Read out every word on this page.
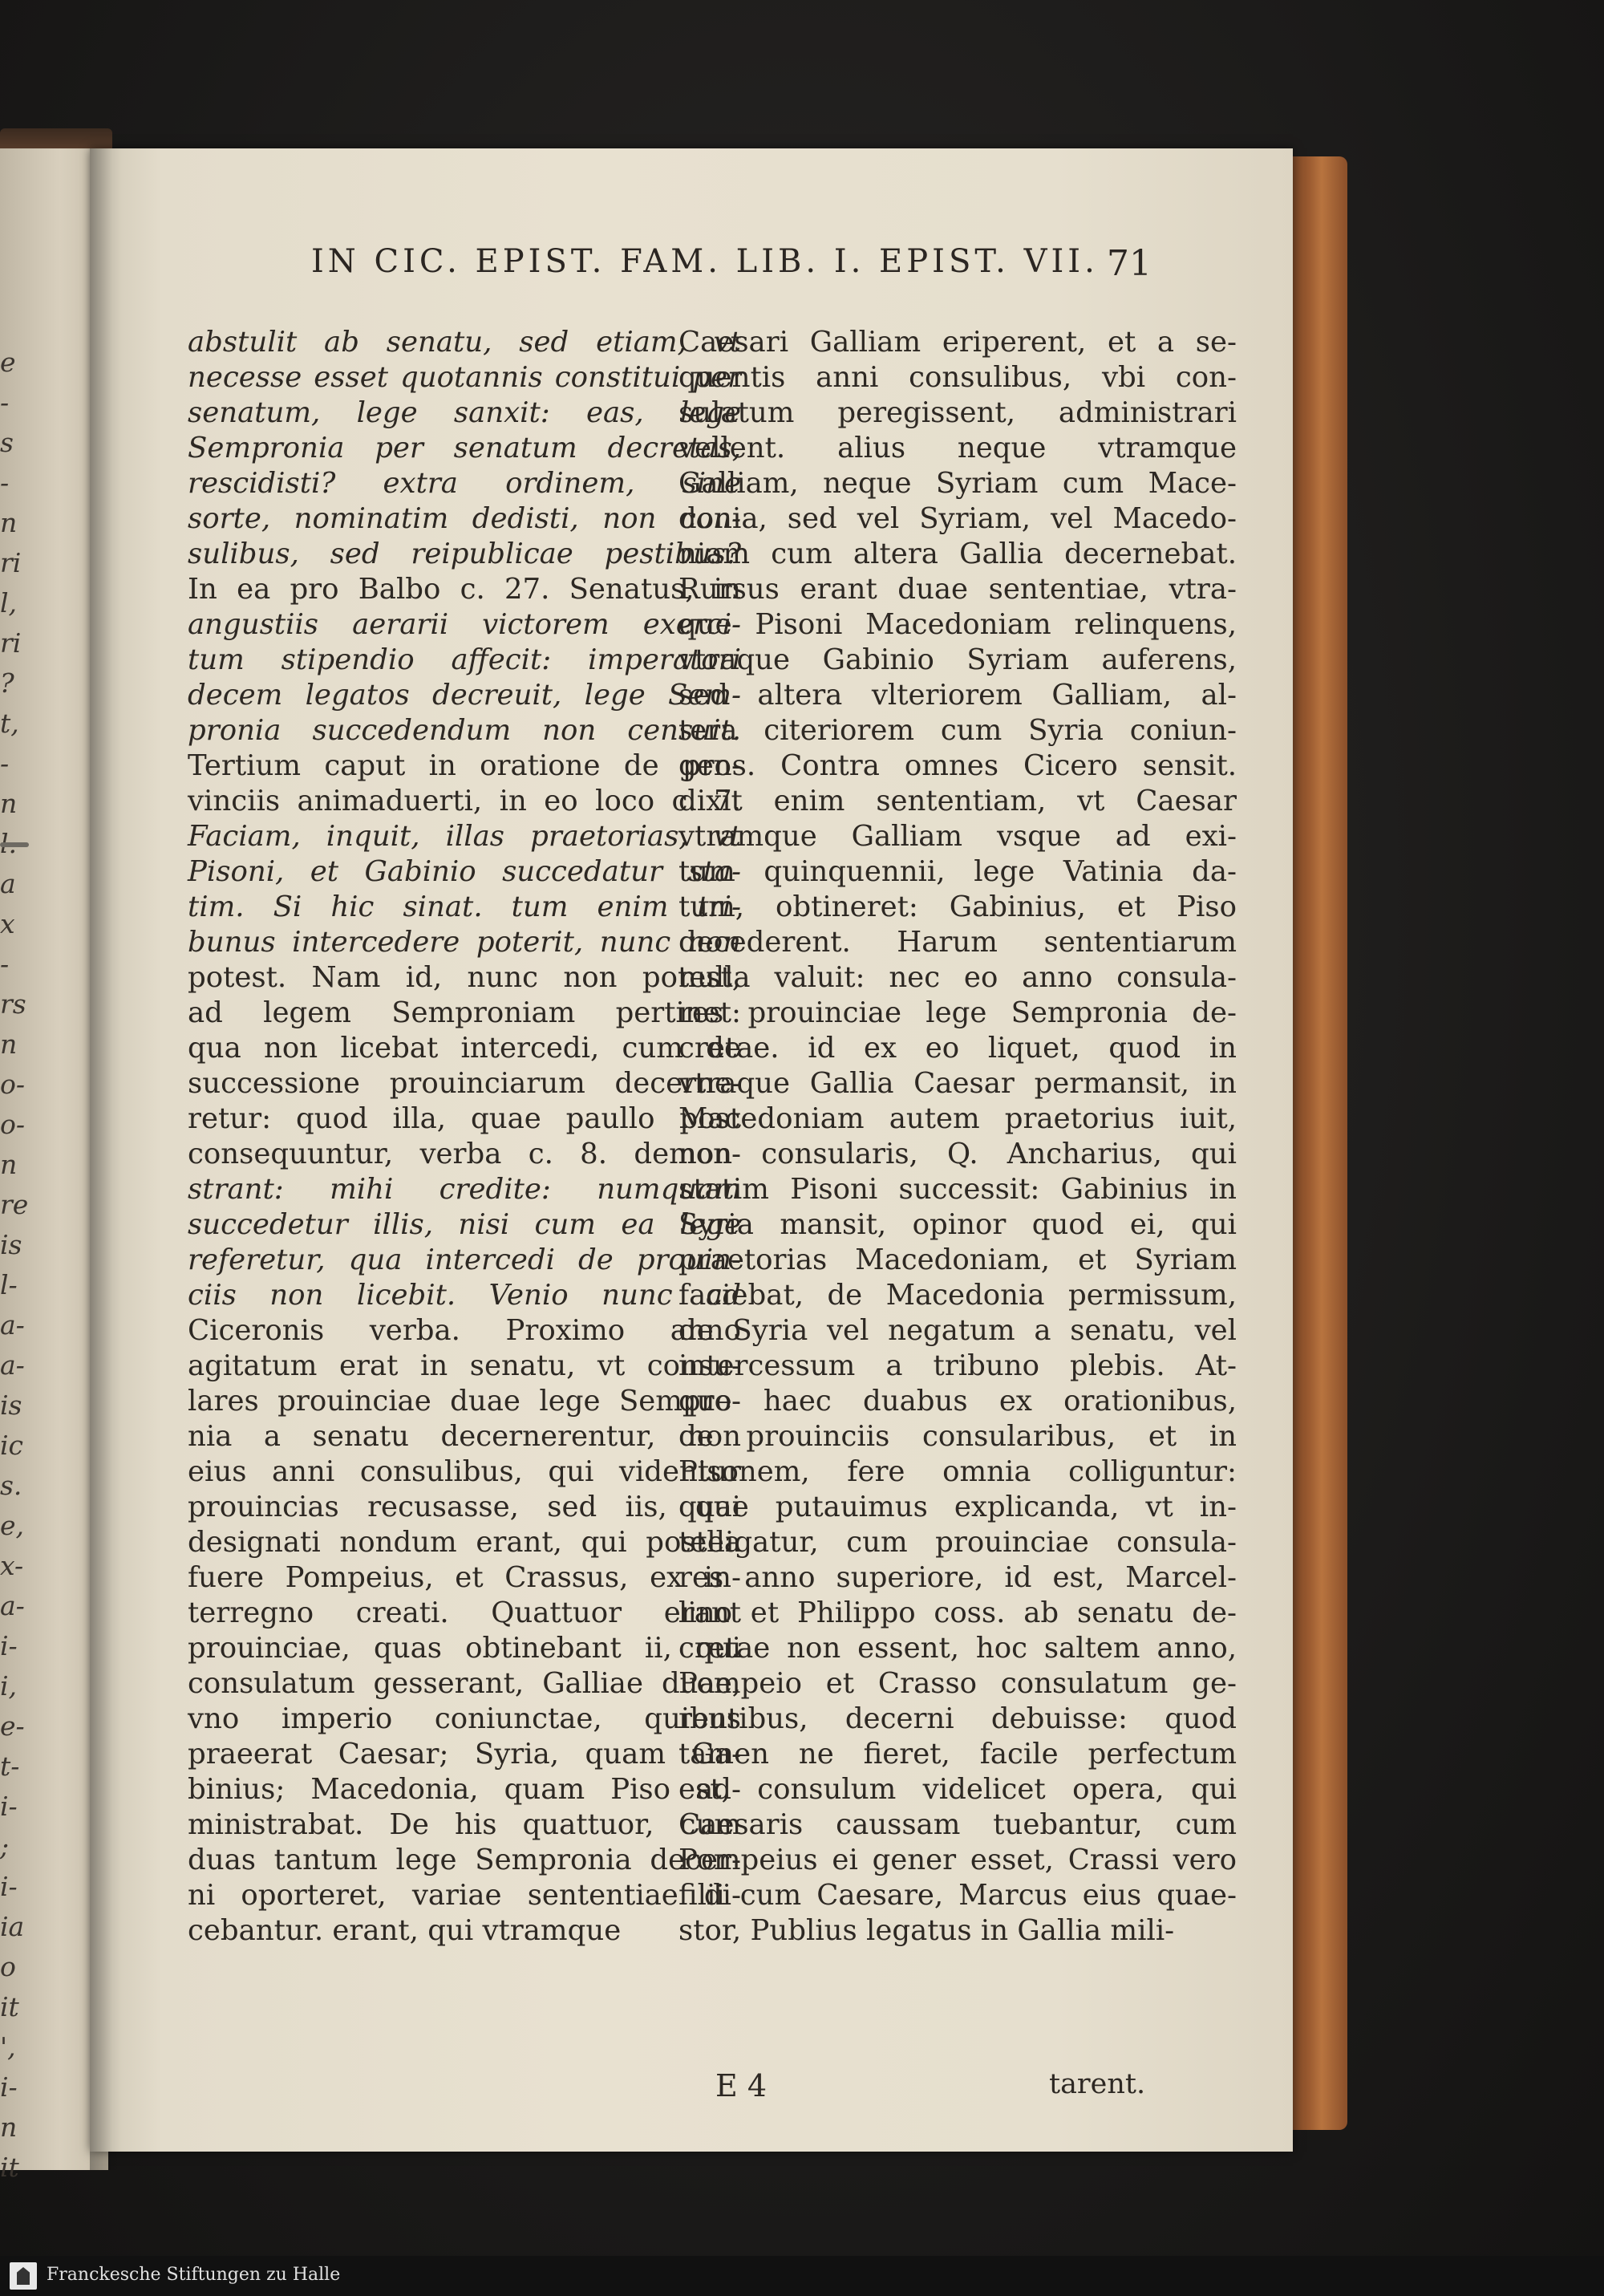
e
-
s
-
n
ri
l,
ri
?
t,
-
n
a
x
-
rs
n
o-
o-
n
re
is
l-
a-
a-
is
ic
s.
e,
x-
a-
i-
i,
e-
t-
i-
;
i-
ia
o
it
',
i-
n
it
IN CIC. EPIST. FAM. LIB. I. EPIST. VII. 71
abstulit ab senatu, sed etiam, vt
necesse esset quotannis constitui per
senatum, lege sanxit: eas, lege
Sempronia per senatum decretas,
rescidisti? extra ordinem, sine
sorte, nominatim dedisti, non con-
sulibus, sed reipublicae pestibus?
In ea pro Balbo c. 27. Senatus, in
angustiis aerarii victorem exerci-
tum stipendio affecit: imperatori
decem legatos decreuit, lege Sem-
pronia succedendum non censuit.
Tertium caput in oratione de pro-
vinciis animaduerti, in eo loco c. 7.
Faciam, inquit, illas praetorias, vt
Pisoni, et Gabinio succedatur sta-
tim. Si hic sinat. tum enim tri-
bunus intercedere poterit, nunc non
potest. Nam id, nunc non potest,
ad legem Semproniam pertinet:
qua non licebat intercedi, cum de
successione prouinciarum decerne-
retur: quod illa, quae paullo post
consequuntur, verba c. 8. demon-
strant: mihi credite: numquam
succedetur illis, nisi cum ea lege
referetur, qua intercedi de prouin-
ciis non licebit. Venio nunc ad
Ciceronis verba. Proximo anno
agitatum erat in senatu, vt consu-
lares prouinciae duae lege Sempro-
nia a senatu decernerentur, non
eius anni consulibus, qui videntur
prouincias recusasse, sed iis, qui
designati nondum erant, qui postea
fuere Pompeius, et Crassus, ex in-
terregno creati. Quattuor erant
prouinciae, quas obtinebant ii, qui
consulatum gesserant, Galliae duae,
vno imperio coniunctae, quibus
praeerat Caesar; Syria, quam Ga-
binius; Macedonia, quam Piso ad-
ministrabat. De his quattuor, cum
duas tantum lege Sempronia decer-
ni oporteret, variae sententiae di-
cebantur. erant, qui vtramque
Caesari Galliam eriperent, et a se-
quentis anni consulibus, vbi con-
sulatum peregissent, administrari
vellent. alius neque vtramque
Galliam, neque Syriam cum Mace-
donia, sed vel Syriam, vel Macedo-
niam cum altera Gallia decernebat.
Rursus erant duae sententiae, vtra-
que Pisoni Macedoniam relinquens,
vtraque Gabinio Syriam auferens,
sed altera vlteriorem Galliam, al-
tera citeriorem cum Syria coniun-
gens. Contra omnes Cicero sensit.
dixit enim sententiam, vt Caesar
vtramque Galliam vsque ad exi-
tum quinquennii, lege Vatinia da-
tum, obtineret: Gabinius, et Piso
decederent. Harum sententiarum
nulla valuit: nec eo anno consula-
res prouinciae lege Sempronia de-
cretae. id ex eo liquet, quod in
vtraque Gallia Caesar permansit, in
Macedoniam autem praetorius iuit,
non consularis, Q. Ancharius, qui
statim Pisoni successit: Gabinius in
Syria mansit, opinor quod ei, qui
praetorias Macedoniam, et Syriam
faciebat, de Macedonia permissum,
de Syria vel negatum a senatu, vel
intercessum a tribuno plebis. At-
que haec duabus ex orationibus,
de prouinciis consularibus, et in
Pisonem, fere omnia colliguntur:
quae putauimus explicanda, vt in-
telligatur, cum prouinciae consula-
res anno superiore, id est, Marcel-
lino et Philippo coss. ab senatu de-
cretae non essent, hoc saltem anno,
Pompeio et Crasso consulatum ge-
rentibus, decerni debuisse: quod
tamen ne fieret, facile perfectum
est, consulum videlicet opera, qui
Caesaris caussam tuebantur, cum
Pompeius ei gener esset, Crassi vero
filii cum Caesare, Marcus eius quae-
stor, Publius legatus in Gallia mili-
E 4	tarent.
Franckesche Stiftungen zu Halle
